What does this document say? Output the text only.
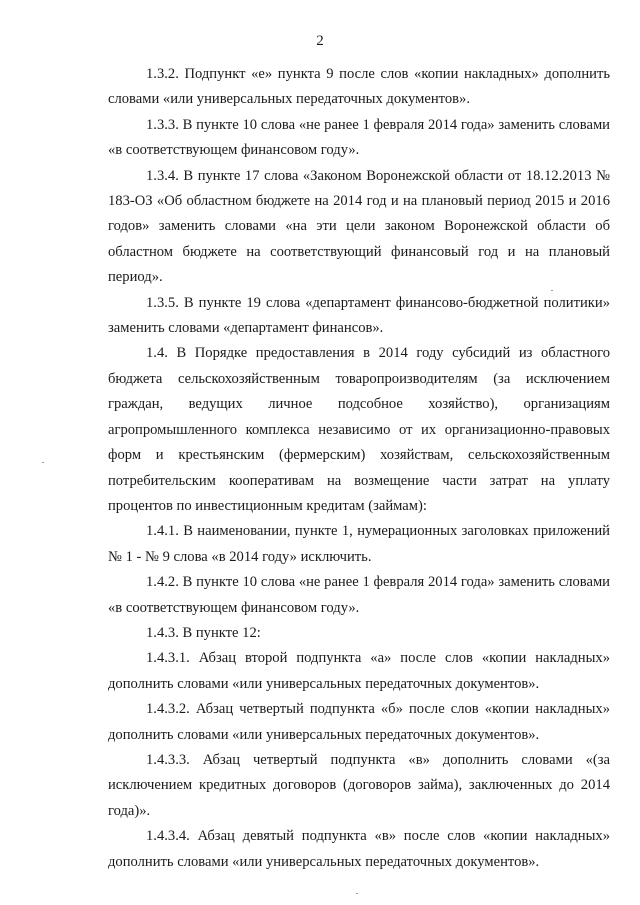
2

1.3.2. Подпункт «е» пункта 9 после слов «копии накладных» дополнить словами «или универсальных передаточных документов».

1.3.3. В пункте 10 слова «не ранее 1 февраля 2014 года» заменить словами «в соответствующем финансовом году».

1.3.4. В пункте 17 слова «Законом Воронежской области от 18.12.2013 № 183-ОЗ «Об областном бюджете на 2014 год и на плановый период 2015 и 2016 годов» заменить словами «на эти цели законом Воронежской области об областном бюджете на соответствующий финансовый год и на плановый период».

1.3.5. В пункте 19 слова «департамент финансово-бюджетной политики» заменить словами «департамент финансов».

1.4. В Порядке предоставления в 2014 году субсидий из областного бюджета сельскохозяйственным товаропроизводителям (за исключением граждан, ведущих личное подсобное хозяйство), организациям агропромышленного комплекса независимо от их организационно-правовых форм и крестьянским (фермерским) хозяйствам, сельскохозяйственным потребительским кооперативам на возмещение части затрат на уплату процентов по инвестиционным кредитам (займам):

1.4.1. В наименовании, пункте 1, нумерационных заголовках приложений № 1 - № 9 слова «в 2014 году» исключить.

1.4.2. В пункте 10 слова «не ранее 1 февраля 2014 года» заменить словами «в соответствующем финансовом году».

1.4.3. В пункте 12:

1.4.3.1. Абзац второй подпункта «а» после слов «копии накладных» дополнить словами «или универсальных передаточных документов».

1.4.3.2. Абзац четвертый подпункта «б» после слов «копии накладных» дополнить словами «или универсальных передаточных документов».

1.4.3.3. Абзац четвертый подпункта «в» дополнить словами «(за исключением кредитных договоров (договоров займа), заключенных до 2014 года)».

1.4.3.4. Абзац девятый подпункта «в» после слов «копии накладных» дополнить словами «или универсальных передаточных документов».
